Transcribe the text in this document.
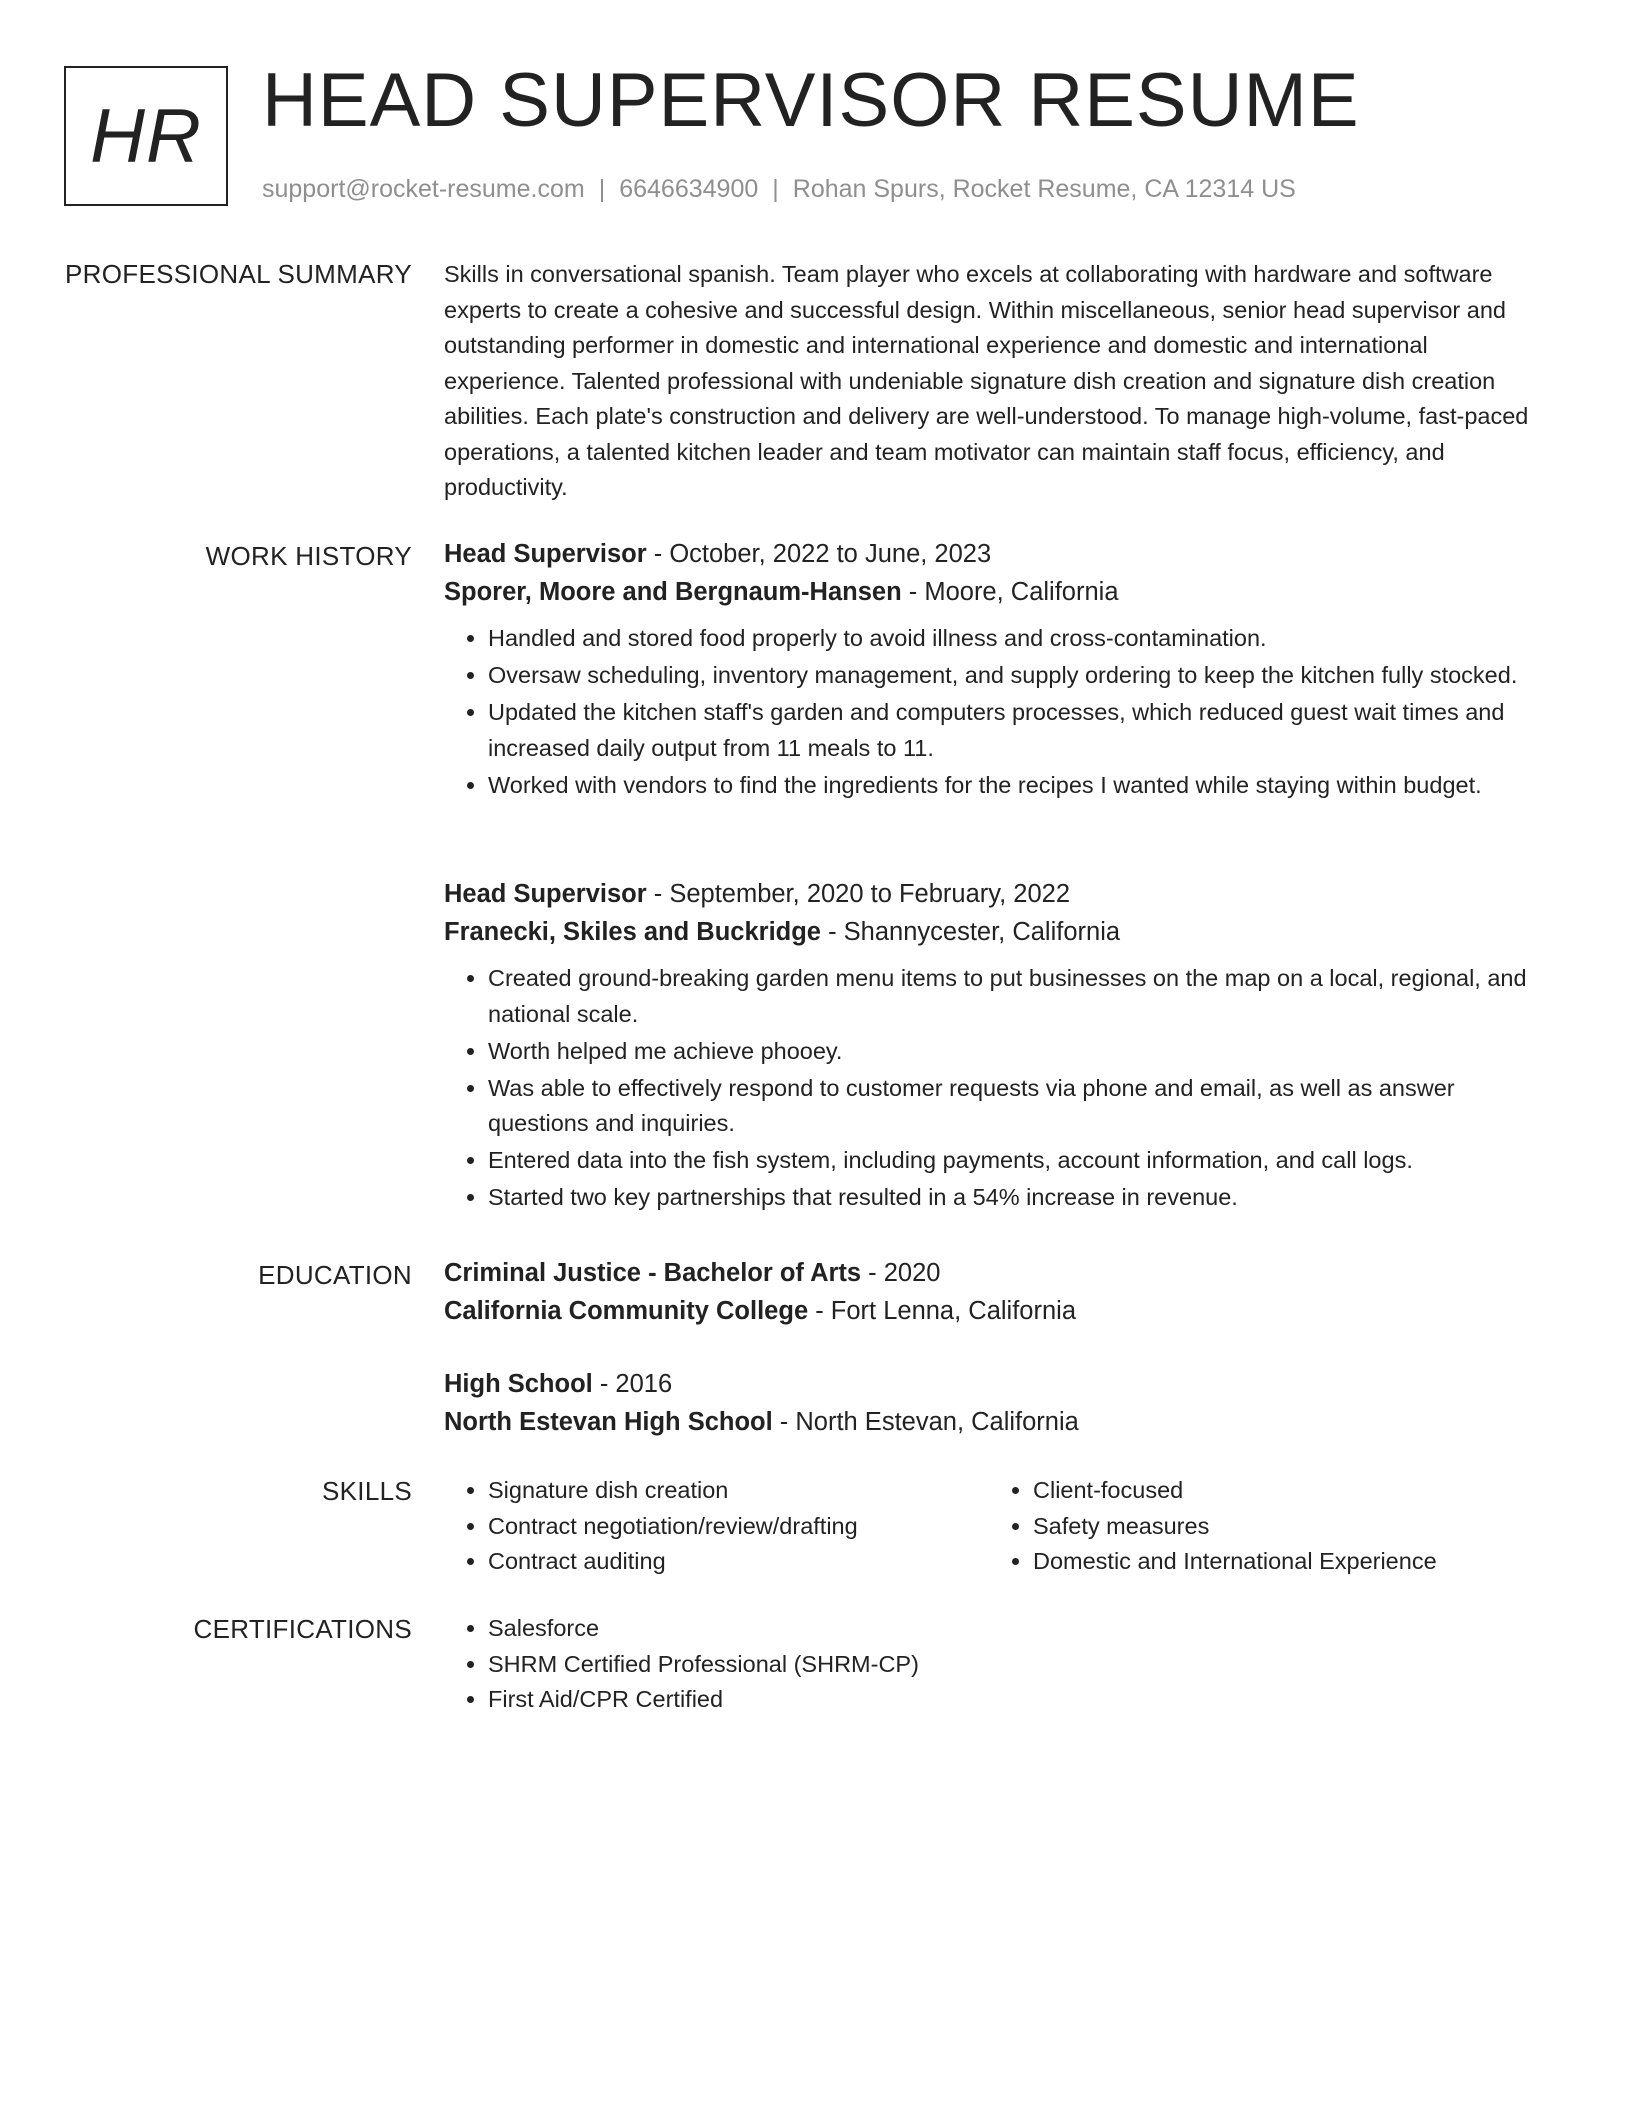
HR HEAD SUPERVISOR RESUME
support@rocket-resume.com | 6646634900 | Rohan Spurs, Rocket Resume, CA 12314 US
PROFESSIONAL SUMMARY Skills in conversational spanish. Team player who excels at collaborating with hardware and software experts to create a cohesive and successful design. Within miscellaneous, senior head supervisor and outstanding performer in domestic and international experience and domestic and international experience. Talented professional with undeniable signature dish creation and signature dish creation abilities. Each plate's construction and delivery are well-understood. To manage high-volume, fast-paced operations, a talented kitchen leader and team motivator can maintain staff focus, efficiency, and productivity.

WORK HISTORY Head Supervisor - October, 2022 to June, 2023

Sporer, Moore and Bergnaum-Hansen - Moore, California

• Handled and stored food properly to avoid illness and cross-contamination.
• Oversaw scheduling, inventory management, and supply ordering to keep the kitchen fully stocked.
• Updated the kitchen staff's garden and computers processes, which reduced guest wait times and increased daily output from 11 meals to 11.
• Worked with vendors to find the ingredients for the recipes I wanted while staying within budget.

Head Supervisor - September, 2020 to February, 2022

Franecki, Skiles and Buckridge - Shannycester, California

• Created ground-breaking garden menu items to put businesses on the map on a local, regional, and national scale.
• Worth helped me achieve phooey.
• Was able to effectively respond to customer requests via phone and email, as well as answer questions and inquiries.
• Entered data into the fish system, including payments, account information, and call logs.
• Started two key partnerships that resulted in a 54% increase in revenue.
EDUCATION Criminal Justice - Bachelor of Arts - 2020

California Community College - Fort Lenna, California

High School - 2016

North Estevan High School - North Estevan, California

SKILLS	• Signature dish creation
• Contract negotiation/review/drafting
• Contract auditing
• Client-focused
• Safety measures
• Domestic and International Experience
CERTIFICATIONS	• Salesforce
• SHRM Certified Professional (SHRM-CP)
• First Aid/CPR Certified
